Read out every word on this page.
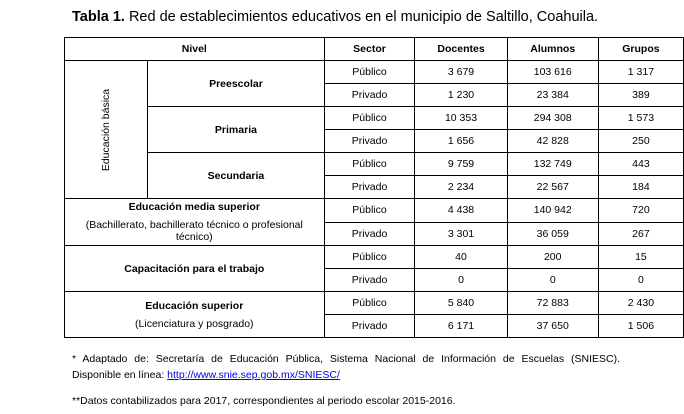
Tabla 1. Red de establecimientos educativos en el municipio de Saltillo, Coahuila.
Nivel		Sector	Docentes	Alumnos	Grupos
Educación básica	Preescolar	Público	3 679	103 616	1 317
		Privado	1 230	23 384	389
	Primaria	Público	10 353	294 308	1 573
		Privado	1 656	42 828	250
	Secundaria	Público	9 759	132 749	443
		Privado	2 234	22 567	184

Educación media superior
(Bachillerato, bachillerato técnico o profesional técnico)		Público	4 438	140 942	720
		Privado	3 301	36 059	267
Capacitación para el trabajo		Público	40	200	15
		Privado	0	0	0

Educación superior
(Licenciatura y posgrado)		Público	5 840	72 883	2 430
		Privado	6 171	37 650	1 506
* Adaptado de: Secretaría de Educación Pública, Sistema Nacional de Información de Escuelas (SNIESC). Disponible en línea: http://www.snie.sep.gob.mx/SNIESC/
**Datos contabilizados para 2017, correspondientes al periodo escolar 2015-2016.
